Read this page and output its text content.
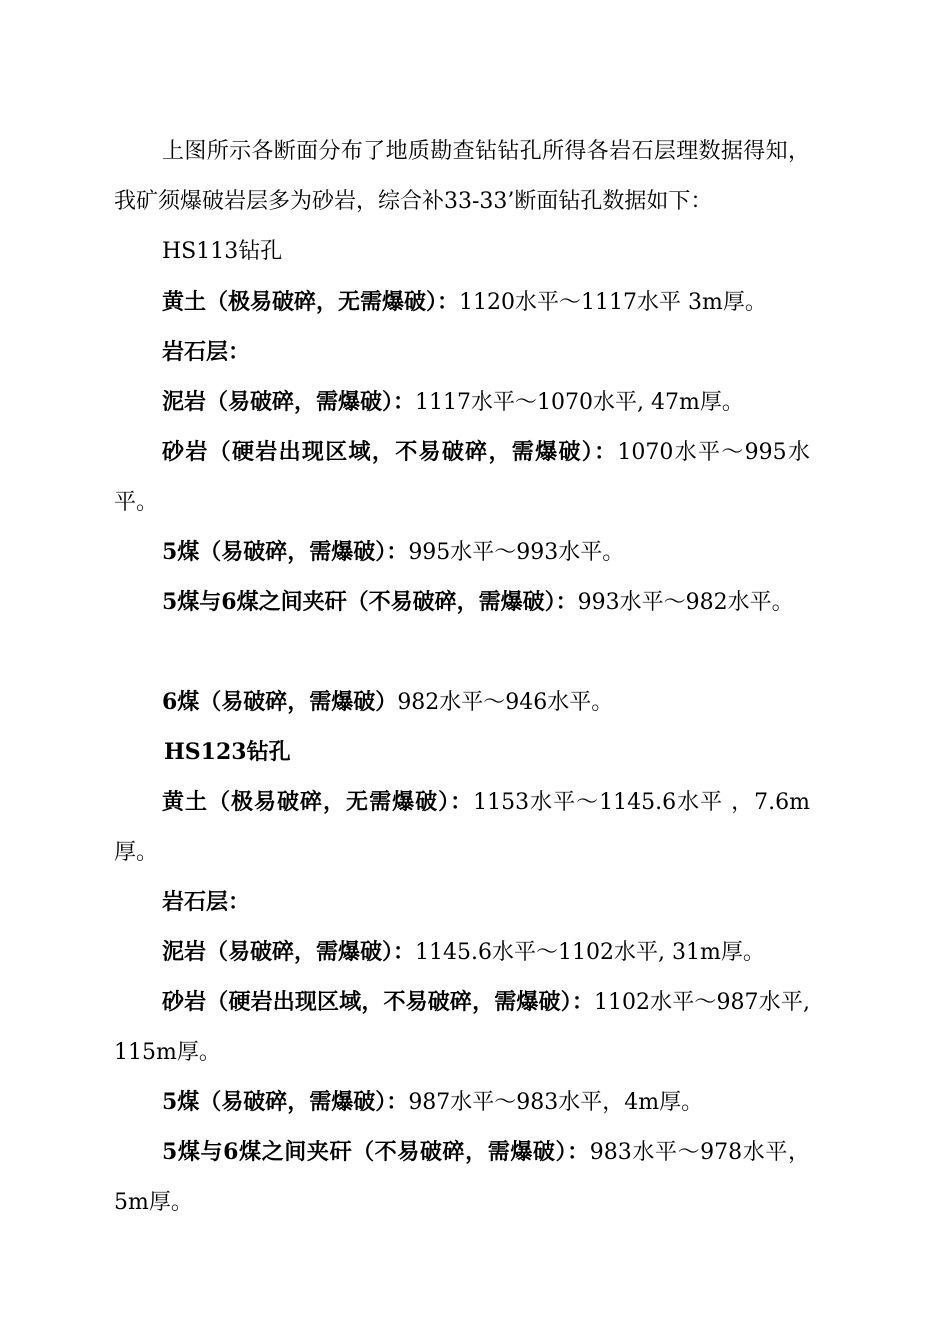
上图所示各断面分布了地质勘查钻钻孔所得各岩石层理数据得知，我矿须爆破岩层多为砂岩，综合补33-33’断面钻孔数据如下：

HS113钻孔

黄土（极易破碎，无需爆破）：1120水平～1117水平 3m厚。

岩石层：

泥岩（易破碎，需爆破）：1117水平～1070水平, 47m厚。

砂岩（硬岩出现区域，不易破碎，需爆破）：1070水平～995水平。

5煤（易破碎，需爆破）：995水平～993水平。

5煤与6煤之间夹矸（不易破碎，需爆破）：993水平～982水平。

6煤（易破碎，需爆破）982水平～946水平。

HS123钻孔

黄土（极易破碎，无需爆破）：1153水平～1145.6水平 ，7.6m厚。

岩石层：

泥岩（易破碎，需爆破）：1145.6水平～1102水平, 31m厚。

砂岩（硬岩出现区域，不易破碎，需爆破）：1102水平～987水平, 115m厚。

5煤（易破碎，需爆破）：987水平～983水平，4m厚。

5煤与6煤之间夹矸（不易破碎，需爆破）：983水平～978水平，5m厚。
